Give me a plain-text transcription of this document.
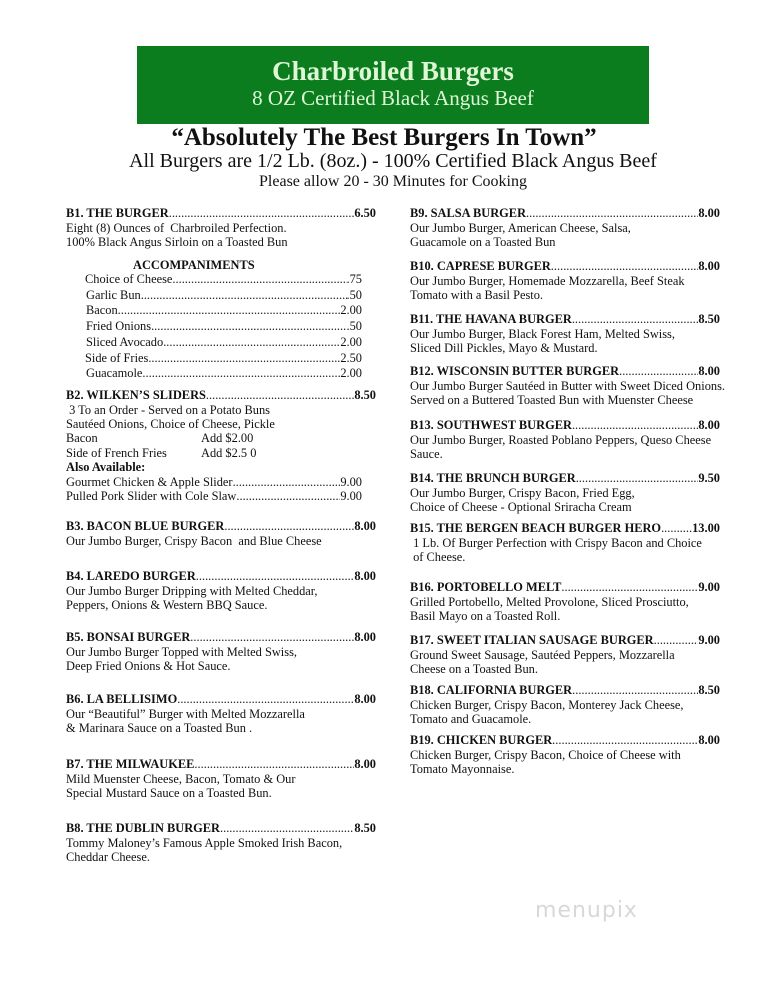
Charbroiled Burgers
8 OZ Certified Black Angus Beef
“Absolutely The Best Burgers In Town”
All Burgers are 1/2 Lb. (8oz.) - 100% Certified Black Angus Beef
Please allow 20 - 30 Minutes for Cooking
ACCOMPANIMENTS
Choice of Cheese .....	.75
Garlic Bun .....	.50
Bacon .....	2.00
Fried Onions .....	.50
Sliced Avocado .....	2.00
Side of Fries .....	2.50
Guacamole .....	2.00
Bacon	Add $2.00
Side of French Fries	Add $2.5 0
Also Available:
Gourmet Chicken & Apple Slider .....	9.00
Pulled Pork Slider with Cole Slaw .....	9.00
B1. THE BURGER .....	6.50
Eight (8) Ounces of  Charbroiled Perfection.
100% Black Angus Sirloin on a Toasted Bun
B2. WILKEN’S SLIDERS .....	8.50
3 To an Order - Served on a Potato Buns
Sautéed Onions, Choice of Cheese, Pickle
B3. BACON BLUE BURGER .....	8.00
Our Jumbo Burger, Crispy Bacon  and Blue Cheese
B4. LAREDO BURGER .....	8.00
Our Jumbo Burger Dripping with Melted Cheddar,
Peppers, Onions & Western BBQ Sauce.
B5. BONSAI BURGER .....	8.00
Our Jumbo Burger Topped with Melted Swiss,
Deep Fried Onions & Hot Sauce.
B6. LA BELLISIMO .....	8.00
Our “Beautiful” Burger with Melted Mozzarella
& Marinara Sauce on a Toasted Bun .
B7. THE MILWAUKEE .....	8.00
Mild Muenster Cheese, Bacon, Tomato & Our
Special Mustard Sauce on a Toasted Bun.
B8. THE DUBLIN BURGER .....	8.50
Tommy Maloney’s Famous Apple Smoked Irish Bacon,
Cheddar Cheese.
B9. SALSA BURGER .....	8.00
Our Jumbo Burger, American Cheese, Salsa,
Guacamole on a Toasted Bun
B10. CAPRESE BURGER .....	8.00
Our Jumbo Burger, Homemade Mozzarella, Beef Steak
Tomato with a Basil Pesto.
B11. THE HAVANA BURGER .....	8.50
Our Jumbo Burger, Black Forest Ham, Melted Swiss,
Sliced Dill Pickles, Mayo & Mustard.
B12. WISCONSIN BUTTER BURGER .....	8.00
Our Jumbo Burger Sautéed in Butter with Sweet Diced Onions.
Served on a Buttered Toasted Bun with Muenster Cheese
B13. SOUTHWEST BURGER .....	8.00
Our Jumbo Burger, Roasted Poblano Peppers, Queso Cheese
Sauce.
B14. THE BRUNCH BURGER .....	9.50
Our Jumbo Burger, Crispy Bacon, Fried Egg,
Choice of Cheese - Optional Sriracha Cream
B15. THE BERGEN BEACH BURGER HERO .....	13.00
1 Lb. Of Burger Perfection with Crispy Bacon and Choice
of Cheese.
B16. PORTOBELLO MELT .....	9.00
Grilled Portobello, Melted Provolone, Sliced Prosciutto,
Basil Mayo on a Toasted Roll.
B17. SWEET ITALIAN SAUSAGE BURGER .....	9.00
Ground Sweet Sausage, Sautéed Peppers, Mozzarella
Cheese on a Toasted Bun.
B18. CALIFORNIA BURGER .....	8.50
Chicken Burger, Crispy Bacon, Monterey Jack Cheese,
Tomato and Guacamole.
B19. CHICKEN BURGER .....	8.00
Chicken Burger, Crispy Bacon, Choice of Cheese with
Tomato Mayonnaise.
menupix
